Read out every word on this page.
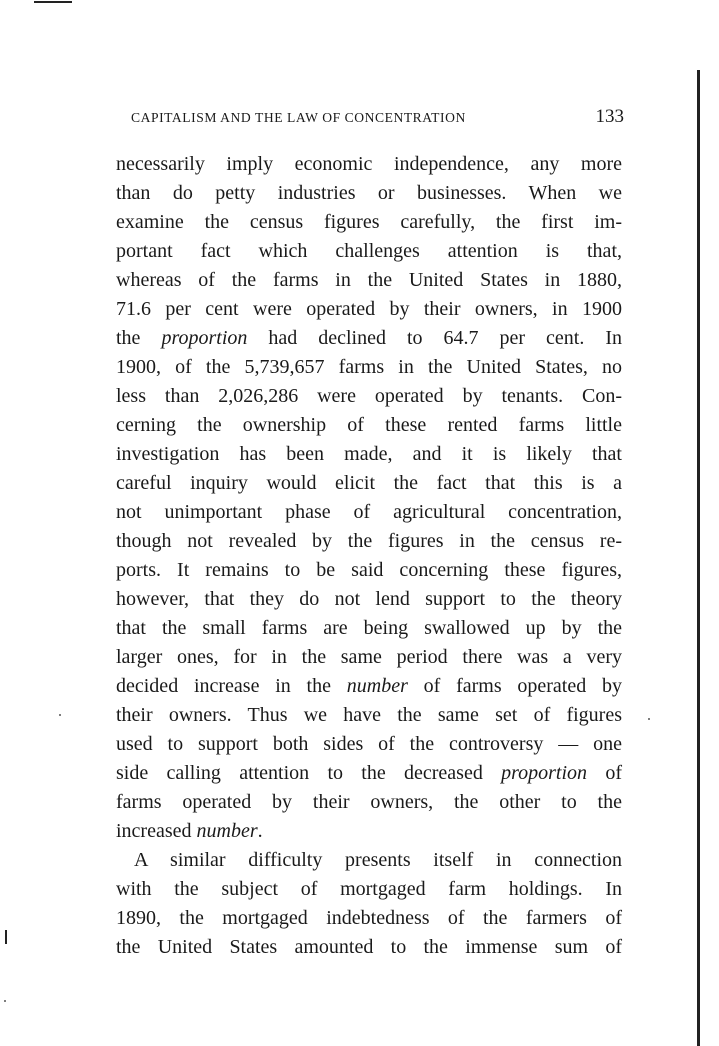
CAPITALISM AND THE LAW OF CONCENTRATION	133
necessarily imply economic independence, any more
than do petty industries or businesses. When we
examine the census figures carefully, the first im-
portant fact which challenges attention is that,
whereas of the farms in the United States in 1880,
71.6 per cent were operated by their owners, in 1900
the proportion had declined to 64.7 per cent. In
1900, of the 5,739,657 farms in the United States, no
less than 2,026,286 were operated by tenants. Con-
cerning the ownership of these rented farms little
investigation has been made, and it is likely that
careful inquiry would elicit the fact that this is a
not unimportant phase of agricultural concentration,
though not revealed by the figures in the census re-
ports. It remains to be said concerning these figures,
however, that they do not lend support to the theory
that the small farms are being swallowed up by the
larger ones, for in the same period there was a very
decided increase in the number of farms operated by
their owners. Thus we have the same set of figures
used to support both sides of the controversy — one
side calling attention to the decreased proportion of
farms operated by their owners, the other to the
increased number.
A similar difficulty presents itself in connection
with the subject of mortgaged farm holdings. In
1890, the mortgaged indebtedness of the farmers of
the United States amounted to the immense sum of
